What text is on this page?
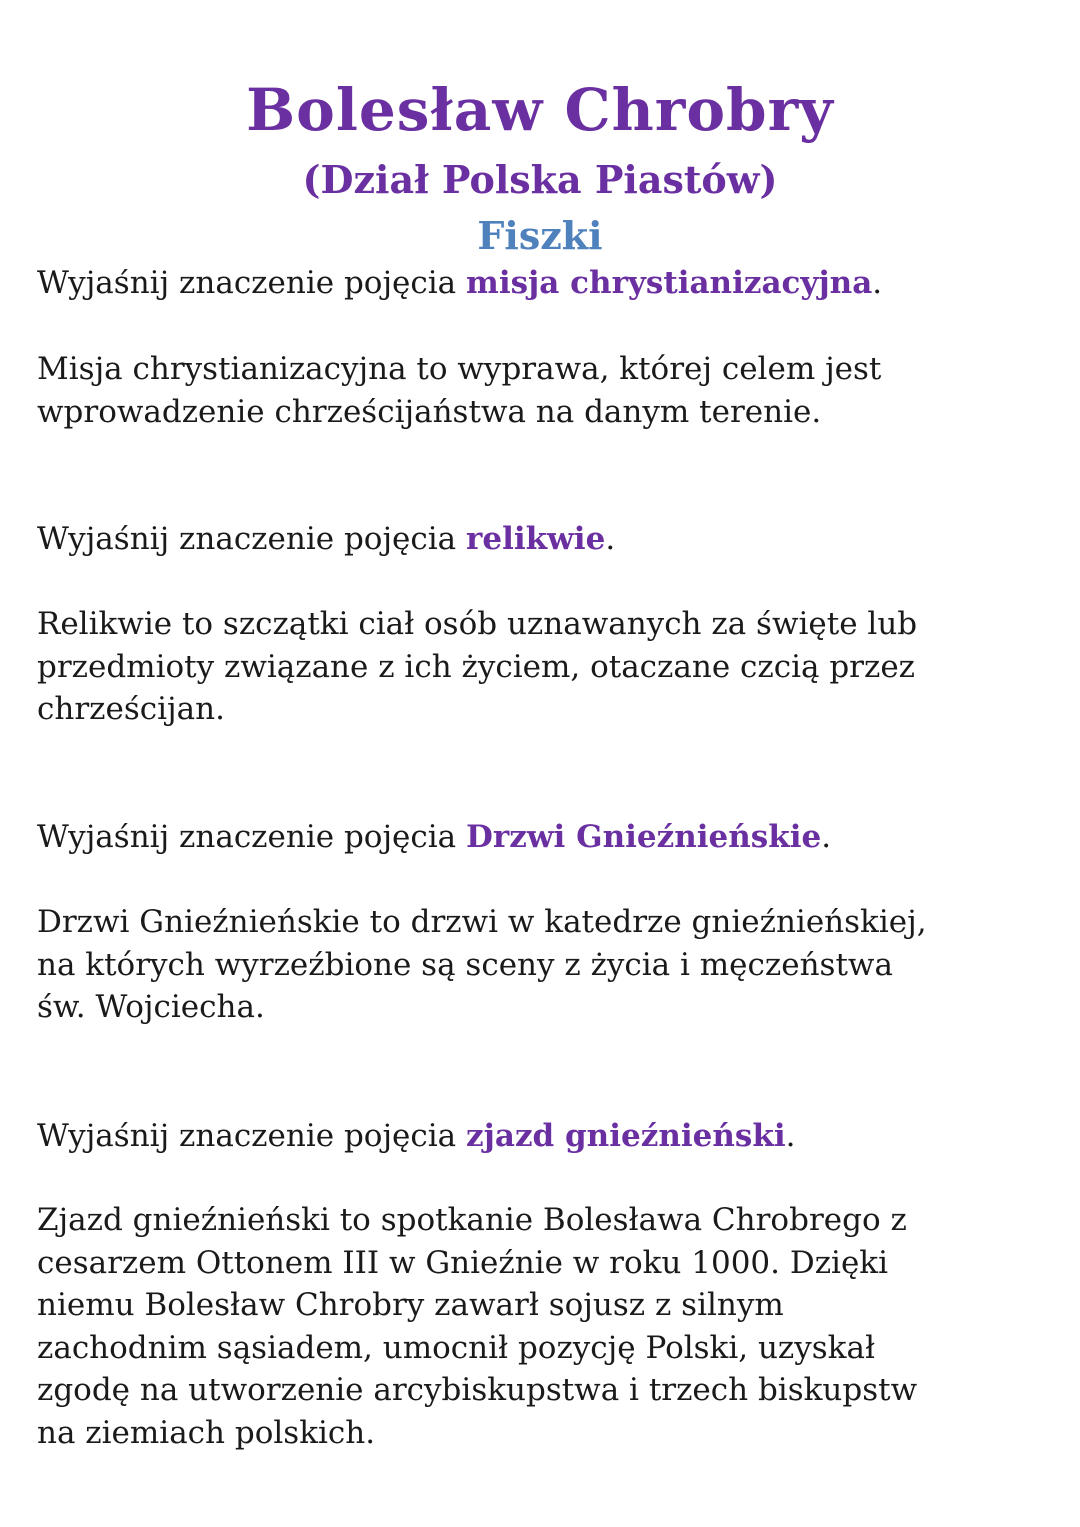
Bolesław Chrobry
(Dział Polska Piastów)
Fiszki
Wyjaśnij znaczenie pojęcia misja chrystianizacyjna.
Misja chrystianizacyjna to wyprawa, której celem jest
wprowadzenie chrześcijaństwa na danym terenie.
Wyjaśnij znaczenie pojęcia relikwie.
Relikwie to szczątki ciał osób uznawanych za święte lub
przedmioty związane z ich życiem, otaczane czcią przez
chrześcijan.
Wyjaśnij znaczenie pojęcia Drzwi Gnieźnieńskie.
Drzwi Gnieźnieńskie to drzwi w katedrze gnieźnieńskiej,
na których wyrzeźbione są sceny z życia i męczeństwa
św. Wojciecha.
Wyjaśnij znaczenie pojęcia zjazd gnieźnieński.
Zjazd gnieźnieński to spotkanie Bolesława Chrobrego z
cesarzem Ottonem III w Gnieźnie w roku 1000. Dzięki
niemu Bolesław Chrobry zawarł sojusz z silnym
zachodnim sąsiadem, umocnił pozycję Polski, uzyskał
zgodę na utworzenie arcybiskupstwa i trzech biskupstw
na ziemiach polskich.
